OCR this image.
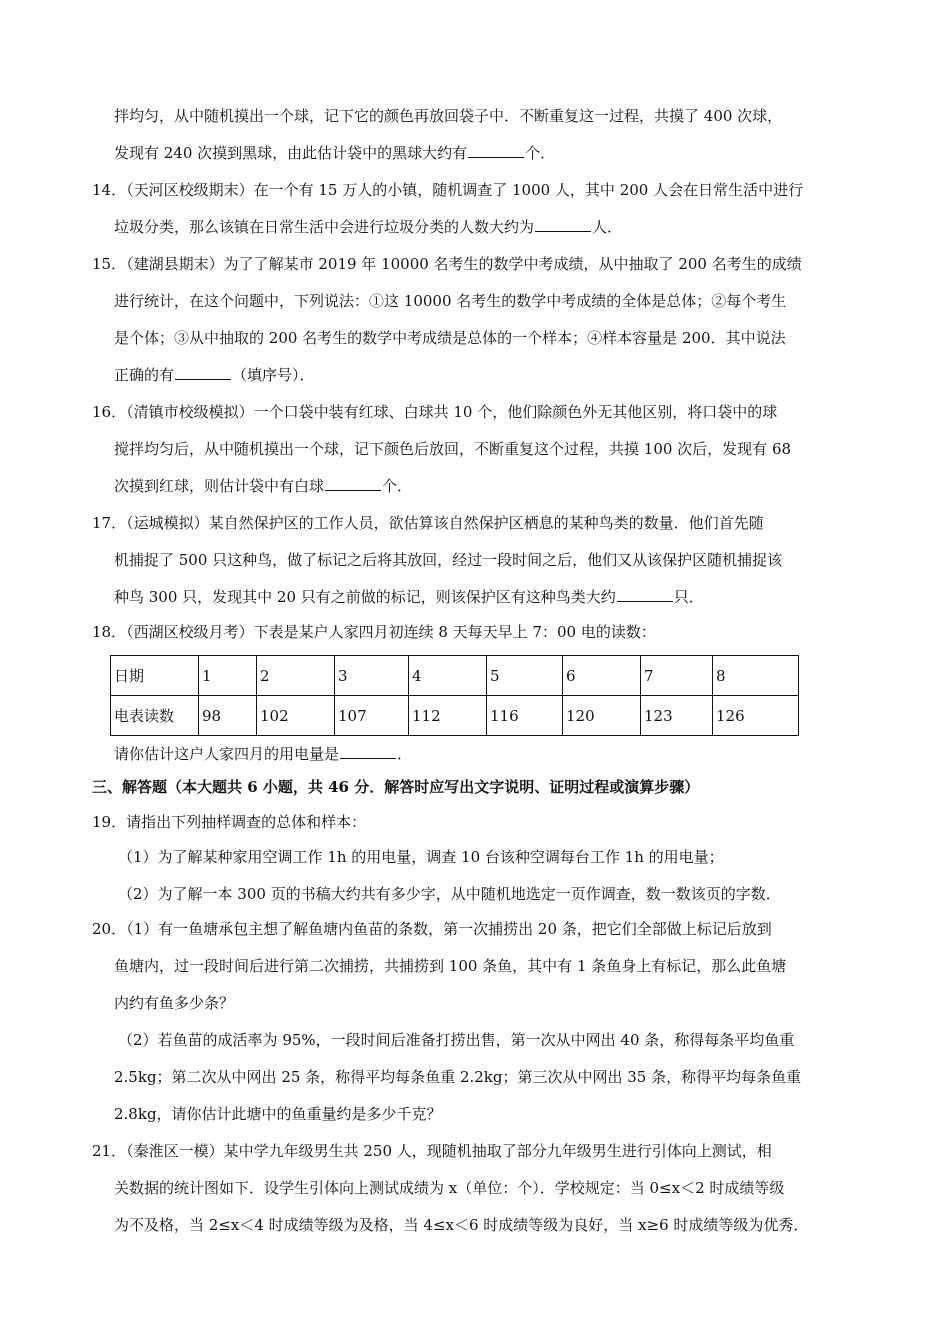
拌均匀，从中随机摸出一个球，记下它的颜色再放回袋子中．不断重复这一过程，共摸了 400 次球，
发现有 240 次摸到黑球，由此估计袋中的黑球大约有	个．
14．（天河区校级期末）在一个有 15 万人的小镇，随机调查了 1000 人，其中 200 人会在日常生活中进行
垃圾分类，那么该镇在日常生活中会进行垃圾分类的人数大约为	人．
15．（建湖县期末）为了了解某市 2019 年 10000 名考生的数学中考成绩，从中抽取了 200 名考生的成绩
进行统计，在这个问题中，下列说法：①这 10000 名考生的数学中考成绩的全体是总体；②每个考生
是个体；③从中抽取的 200 名考生的数学中考成绩是总体的一个样本；④样本容量是 200．其中说法
正确的有	（填序号）．
16．（清镇市校级模拟）一个口袋中装有红球、白球共 10 个，他们除颜色外无其他区别，将口袋中的球
搅拌均匀后，从中随机摸出一个球，记下颜色后放回，不断重复这个过程，共摸 100 次后，发现有 68
次摸到红球，则估计袋中有白球	个．
17．（运城模拟）某自然保护区的工作人员，欲估算该自然保护区栖息的某种鸟类的数量．他们首先随
机捕捉了 500 只这种鸟，做了标记之后将其放回，经过一段时间之后，他们又从该保护区随机捕捉该
种鸟 300 只，发现其中 20 只有之前做的标记，则该保护区有这种鸟类大约	只．
18．（西湖区校级月考）下表是某户人家四月初连续 8 天每天早上 7：00 电的读数：
请你估计这户人家四月的用电量是	．
三、解答题（本大题共 6 小题，共 46 分．解答时应写出文字说明、证明过程或演算步骤）
19．请指出下列抽样调查的总体和样本：
（1）为了解某种家用空调工作 1h 的用电量，调查 10 台该种空调每台工作 1h 的用电量；
（2）为了解一本 300 页的书稿大约共有多少字，从中随机地选定一页作调查，数一数该页的字数．
20．（1）有一鱼塘承包主想了解鱼塘内鱼苗的条数，第一次捕捞出 20 条，把它们全部做上标记后放到
鱼塘内，过一段时间后进行第二次捕捞，共捕捞到 100 条鱼，其中有 1 条鱼身上有标记，那么此鱼塘
内约有鱼多少条？
（2）若鱼苗的成活率为 95%，一段时间后准备打捞出售，第一次从中网出 40 条，称得每条平均鱼重
2.5kg；第二次从中网出 25 条，称得平均每条鱼重 2.2kg；第三次从中网出 35 条，称得平均每条鱼重
2.8kg，请你估计此塘中的鱼重量约是多少千克？
21．（秦淮区一模）某中学九年级男生共 250 人，现随机抽取了部分九年级男生进行引体向上测试，相
关数据的统计图如下．设学生引体向上测试成绩为 x（单位：个）．学校规定：当 0≤x＜2 时成绩等级
为不及格，当 2≤x＜4 时成绩等级为及格，当 4≤x＜6 时成绩等级为良好，当 x≥6 时成绩等级为优秀．
日期	1	2	3	4	5	6	7	8
电表读数	98	102	107	112	116	120	123	126
